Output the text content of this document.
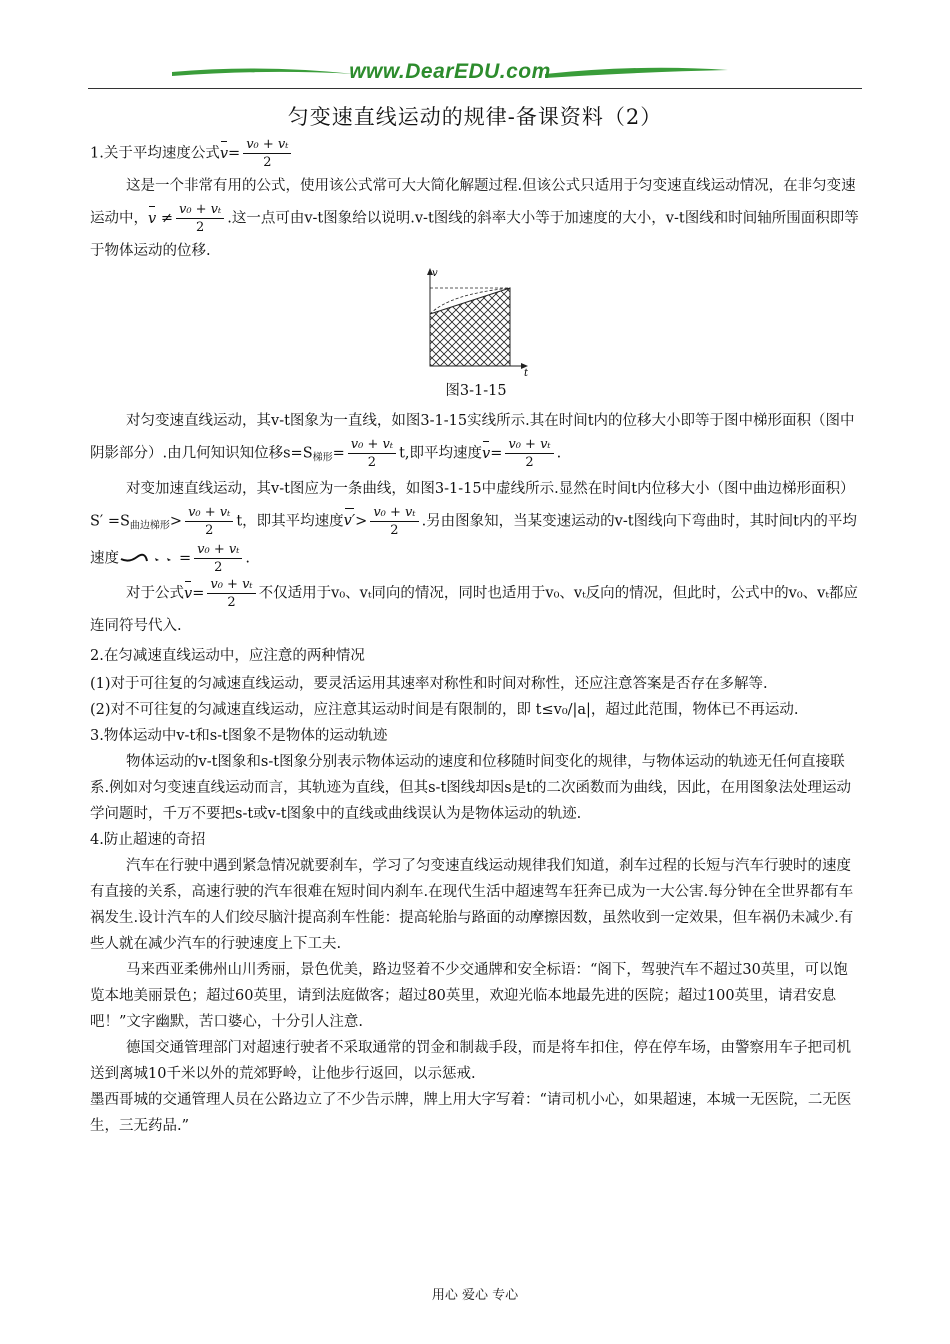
www.DearEDU.com
匀变速直线运动的规律-备课资料（2）

1.关于平均速度公式$v= \frac{\text{v₀ + vₜ}}{2}$

这是一个非常有用的公式，使用该公式常可大大简化解题过程.但该公式只适用于匀变速直线运动情况，在非匀变速运动中，$v \ne \frac{\text{v₀ + vₜ}}{2}$ .这一点可由v-t图象给以说明.v-t图线的斜率大小等于加速度的大小，v-t图线和时间轴所围面积即等于物体运动的位移.

v
t

图3-1-15

对匀变速直线运动，其v-t图象为一直线，如图3-1-15实线所示.其在时间t内的位移大小即等于图中梯形面积（图中阴影部分）.由几何知识知位移$s=S_{梯形}= \frac{\text{v₀ + vₜ}}{2} t$,即平均速度$v= \frac{\text{v₀ + vₜ}}{2}$ .

对变加速直线运动，其v-t图应为一条曲线，如图3-1-15中虚线所示.显然在时间t内位移大小（图中曲边梯形面积）$S' =S_{曲边梯形}> \frac{\text{v₀ + vₜ}}{2}$ t，即其平均速度$v'> \frac{\text{v₀ + vₜ}}{2}$ .另由图象知，当某变速运动的v-t图线向下弯曲时，其时间t内的平均速度	= $\frac{\text{v₀ + vₜ}}{2}$ .

对于公式$v= \frac{\text{v₀ + vₜ}}{2}$ 不仅适用于v₀、vₜ同向的情况，同时也适用于v₀、vₜ反向的情况，但此时，公式中的v₀、vₜ都应连同符号代入.

2.在匀减速直线运动中，应注意的两种情况

(1)对于可往复的匀减速直线运动，要灵活运用其速率对称性和时间对称性，还应注意答案是否存在多解等.

(2)对不可往复的匀减速直线运动，应注意其运动时间是有限制的，即 t≤v₀/|a|，超过此范围，物体已不再运动.

3.物体运动中v-t和s-t图象不是物体的运动轨迹

物体运动的v-t图象和s-t图象分别表示物体运动的速度和位移随时间变化的规律，与物体运动的轨迹无任何直接联系.例如对匀变速直线运动而言，其轨迹为直线，但其s-t图线却因s是t的二次函数而为曲线，因此，在用图象法处理运动学问题时，千万不要把s-t或v-t图象中的直线或曲线误认为是物体运动的轨迹.

4.防止超速的奇招

汽车在行驶中遇到紧急情况就要刹车，学习了匀变速直线运动规律我们知道，刹车过程的长短与汽车行驶时的速度有直接的关系，高速行驶的汽车很难在短时间内刹车.在现代生活中超速驾车狂奔已成为一大公害.每分钟在全世界都有车祸发生.设计汽车的人们绞尽脑汁提高刹车性能：提高轮胎与路面的动摩擦因数，虽然收到一定效果，但车祸仍未减少.有些人就在减少汽车的行驶速度上下工夫.

马来西亚柔佛州山川秀丽，景色优美，路边竖着不少交通牌和安全标语：“阁下，驾驶汽车不超过30英里，可以饱览本地美丽景色；超过60英里，请到法庭做客；超过80英里，欢迎光临本地最先进的医院；超过100英里，请君安息吧！”文字幽默，苦口婆心，十分引人注意.

德国交通管理部门对超速行驶者不采取通常的罚金和制裁手段，而是将车扣住，停在停车场，由警察用车子把司机送到离城10千米以外的荒郊野岭，让他步行返回，以示惩戒.

墨西哥城的交通管理人员在公路边立了不少告示牌，牌上用大字写着：“请司机小心，如果超速，本城一无医院，二无医生，三无药品.”

用心 爱心 专心
